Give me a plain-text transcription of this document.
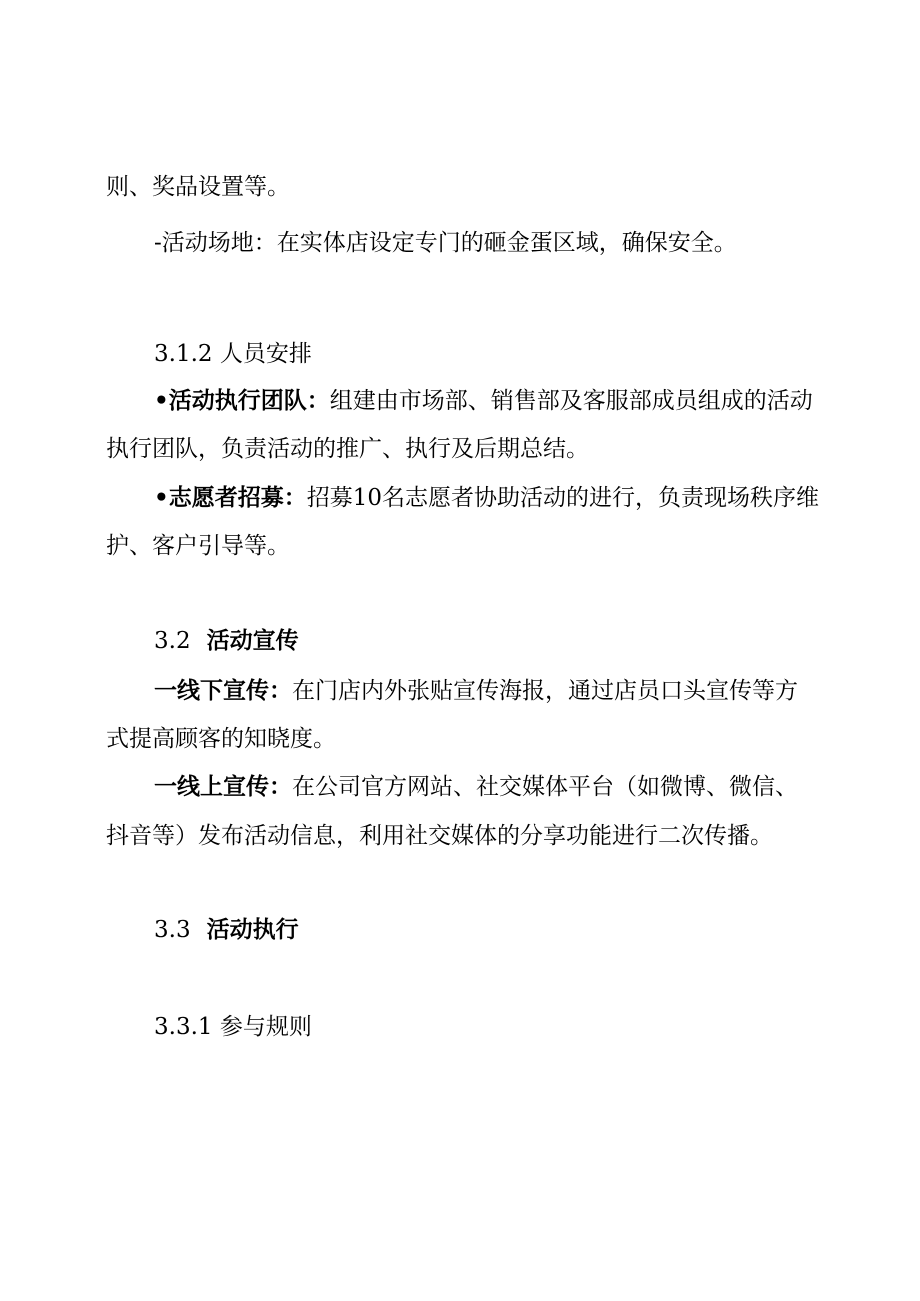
则、奖品设置等。
-活动场地：在实体店设定专门的砸金蛋区域，确保安全。
3.1.2 人员安排
•活动执行团队：组建由市场部、销售部及客服部成员组成的活动
执行团队，负责活动的推广、执行及后期总结。
•志愿者招募：招募10名志愿者协助活动的进行，负责现场秩序维
护、客户引导等。
3.2 活动宣传
一线下宣传：在门店内外张贴宣传海报，通过店员口头宣传等方
式提高顾客的知晓度。
一线上宣传：在公司官方网站、社交媒体平台（如微博、微信、
抖音等）发布活动信息，利用社交媒体的分享功能进行二次传播。
3.3 活动执行
3.3.1 参与规则
